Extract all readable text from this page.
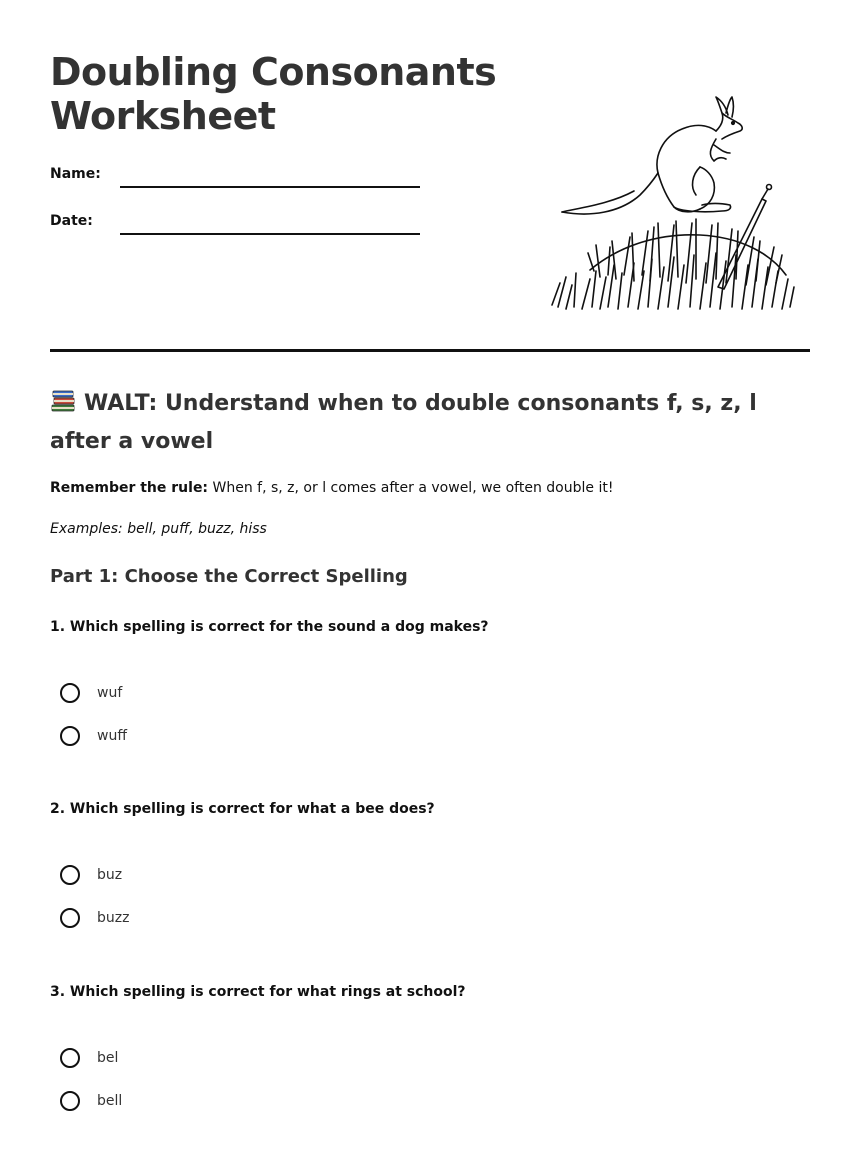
Doubling Consonants
Worksheet
Name:
Date:
WALT: Understand when to double consonants f, s, z, l after a vowel
Remember the rule: When f, s, z, or l comes after a vowel, we often double it!
Examples: bell, puff, buzz, hiss
Part 1: Choose the Correct Spelling

1. Which spelling is correct for the sound a dog makes?

wuf
wuff

2. Which spelling is correct for what a bee does?

buz
buzz

3. Which spelling is correct for what rings at school?

bel
bell
